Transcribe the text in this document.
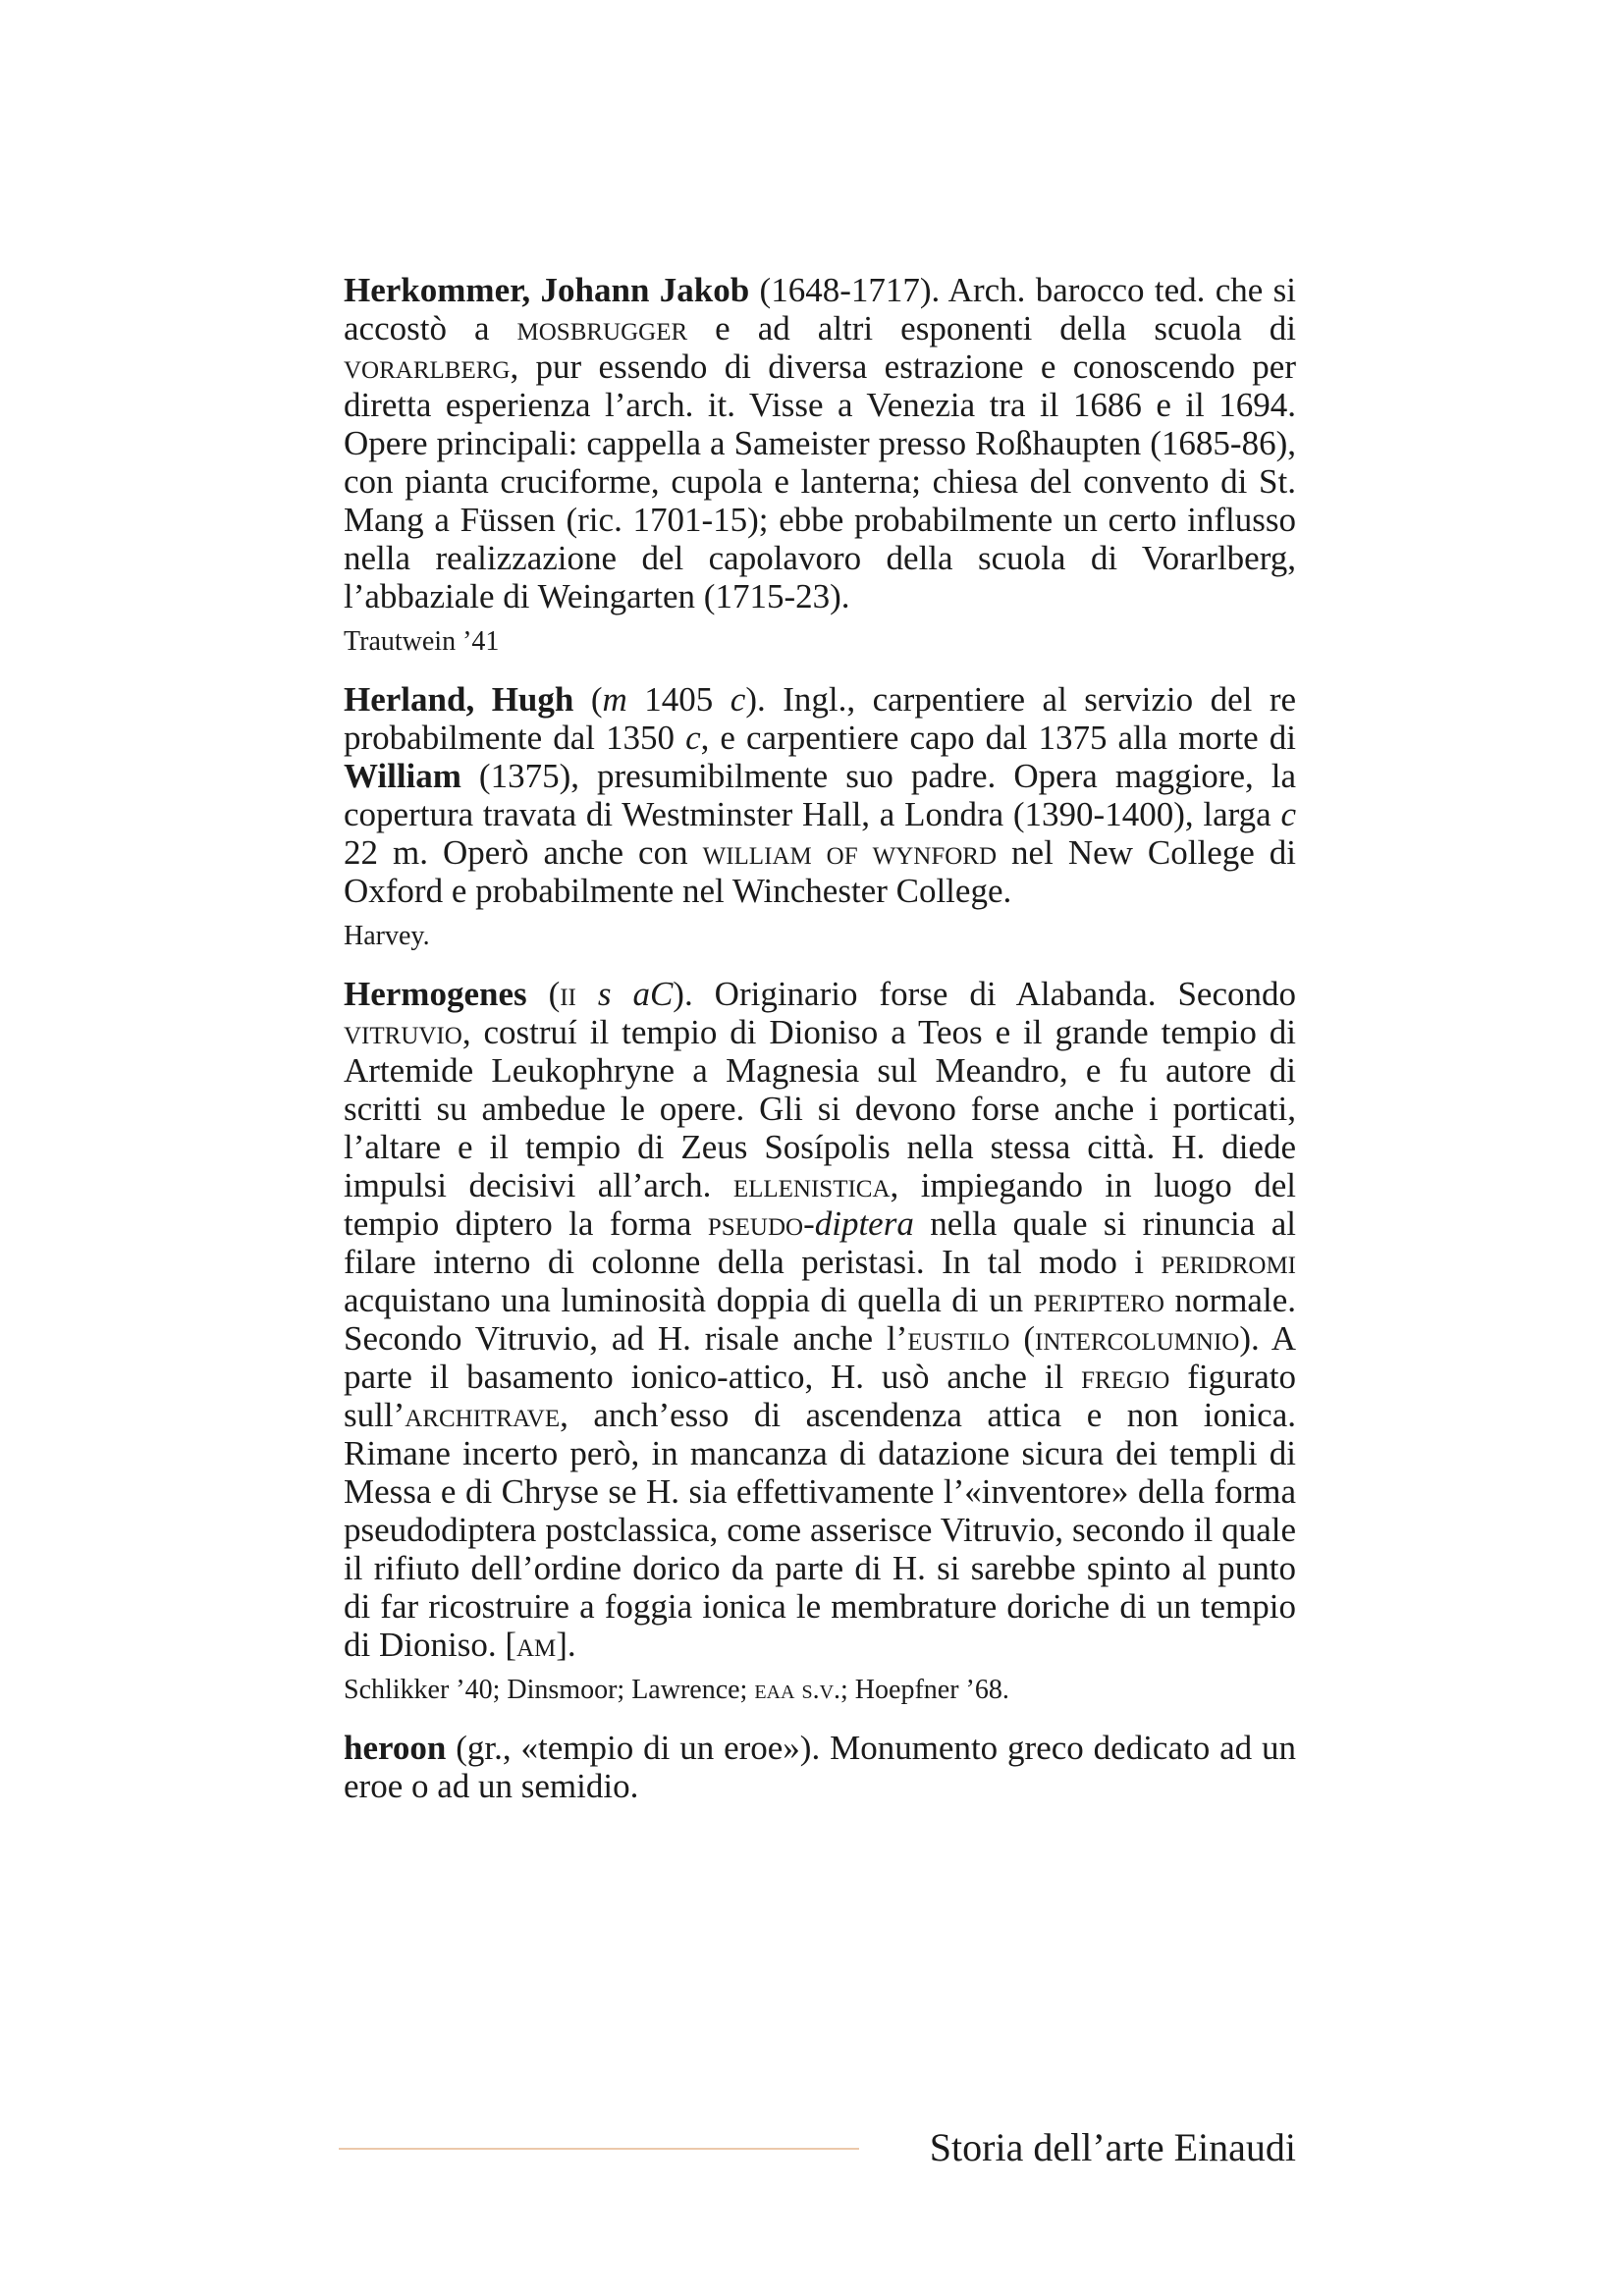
Herkommer, Johann Jakob (1648-1717). Arch. barocco ted. che si accostò a mosbrugger e ad altri esponenti della scuola di vorarlberg, pur essendo di diversa estrazione e conoscendo per diretta esperienza l’arch. it. Visse a Venezia tra il 1686 e il 1694. Opere principali: cappella a Sameister presso Roßhaupten (1685-86), con pianta cruciforme, cupola e lanterna; chiesa del convento di St. Mang a Füssen (ric. 1701-15); ebbe probabilmente un certo influsso nella realizzazione del capolavoro della scuola di Vorarlberg, l’abbaziale di Weingarten (1715-23).

Trautwein ’41

Herland, Hugh (m 1405 c). Ingl., carpentiere al servizio del re probabilmente dal 1350 c, e carpentiere capo dal 1375 alla morte di William (1375), presumibilmente suo padre. Opera maggiore, la copertura travata di Westminster Hall, a Londra (1390-1400), larga c 22 m. Operò anche con william of wynford nel New College di Oxford e probabilmente nel Winchester College.

Harvey.

Hermogenes (ii s aC). Originario forse di Alabanda. Secondo vitruvio, costruí il tempio di Dioniso a Teos e il grande tempio di Artemide Leukophryne a Magnesia sul Meandro, e fu autore di scritti su ambedue le opere. Gli si devono forse anche i porticati, l’altare e il tempio di Zeus Sosípolis nella stessa città. H. diede impulsi decisivi all’arch. ellenistica, impiegando in luogo del tempio diptero la forma pseudo-diptera nella quale si rinuncia al filare interno di colonne della peristasi. In tal modo i peridromi acquistano una luminosità doppia di quella di un periptero normale. Secondo Vitruvio, ad H. risale anche l’eustilo (intercolumnio). A parte il basamento ionico-attico, H. usò anche il fregio figurato sull’architrave, anch’esso di ascendenza attica e non ionica. Rimane incerto però, in mancanza di datazione sicura dei templi di Messa e di Chryse se H. sia effettivamente l’«inventore» della forma pseudodiptera postclassica, come asserisce Vitruvio, secondo il quale il rifiuto dell’ordine dorico da parte di H. si sarebbe spinto al punto di far ricostruire a foggia ionica le membrature doriche di un tempio di Dioniso. [am].

Schlikker ’40; Dinsmoor; Lawrence; eaa s.v.; Hoepfner ’68.

heroon (gr., «tempio di un eroe»). Monumento greco dedicato ad un eroe o ad un semidio.

Storia dell’arte Einaudi
